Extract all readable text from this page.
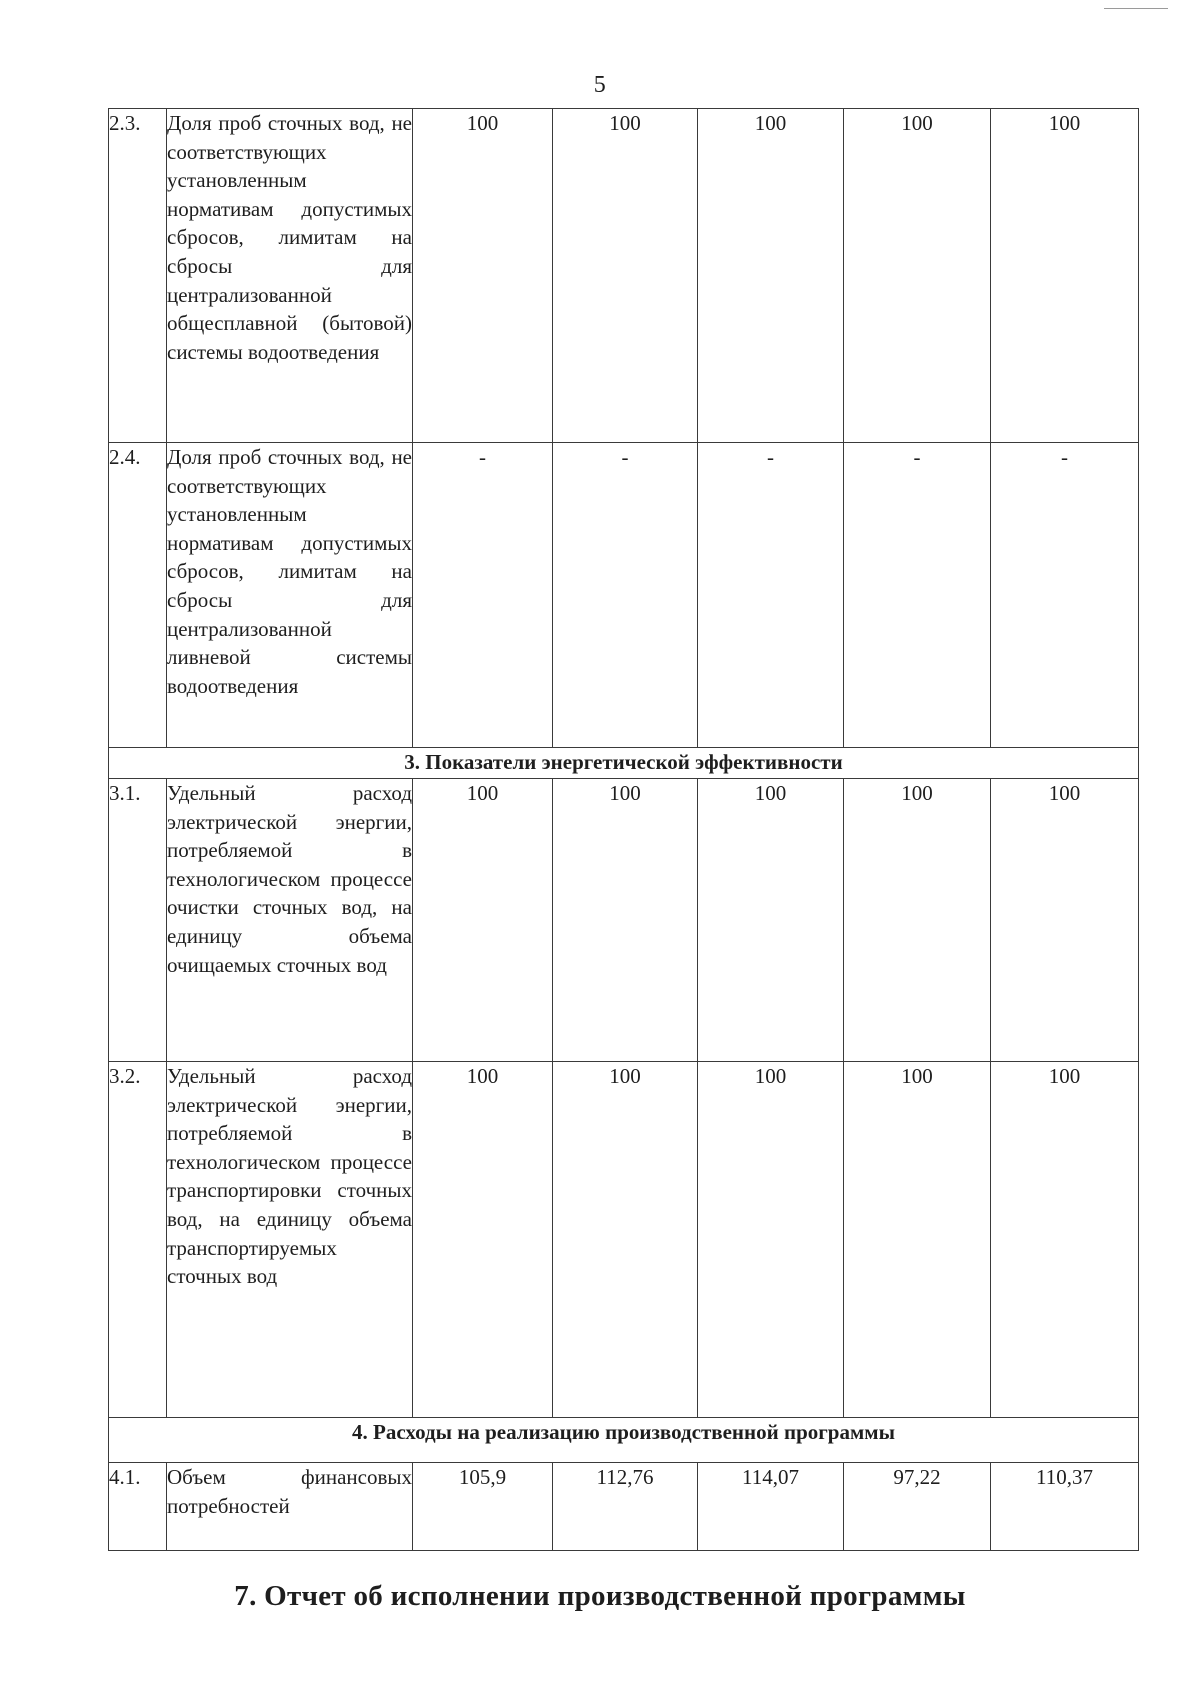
5
2.3.	Доля проб сточных вод, не соответствующих установленным нормативам допустимых сбросов, лимитам на сбросы для централизованной общесплавной (бытовой) системы водоотведения	100	100	100	100	100
2.4.	Доля проб сточных вод, не соответствующих установленным нормативам допустимых сбросов, лимитам на сбросы для централизованной ливневой системы водоотведения	-	-	-	-	-
3. Показатели энергетической эффективности						
3.1.	Удельный расход электрической энергии, потребляемой в технологическом процессе очистки сточных вод, на единицу объема очищаемых сточных вод	100	100	100	100	100
3.2.	Удельный расход электрической энергии, потребляемой в технологическом процессе транспортировки сточных вод, на единицу объема транспортируемых сточных вод	100	100	100	100	100
4. Расходы на реализацию производственной программы						
4.1.	Объем финансовых потребностей	105,9	112,76	114,07	97,22	110,37
7. Отчет об исполнении производственной программы
